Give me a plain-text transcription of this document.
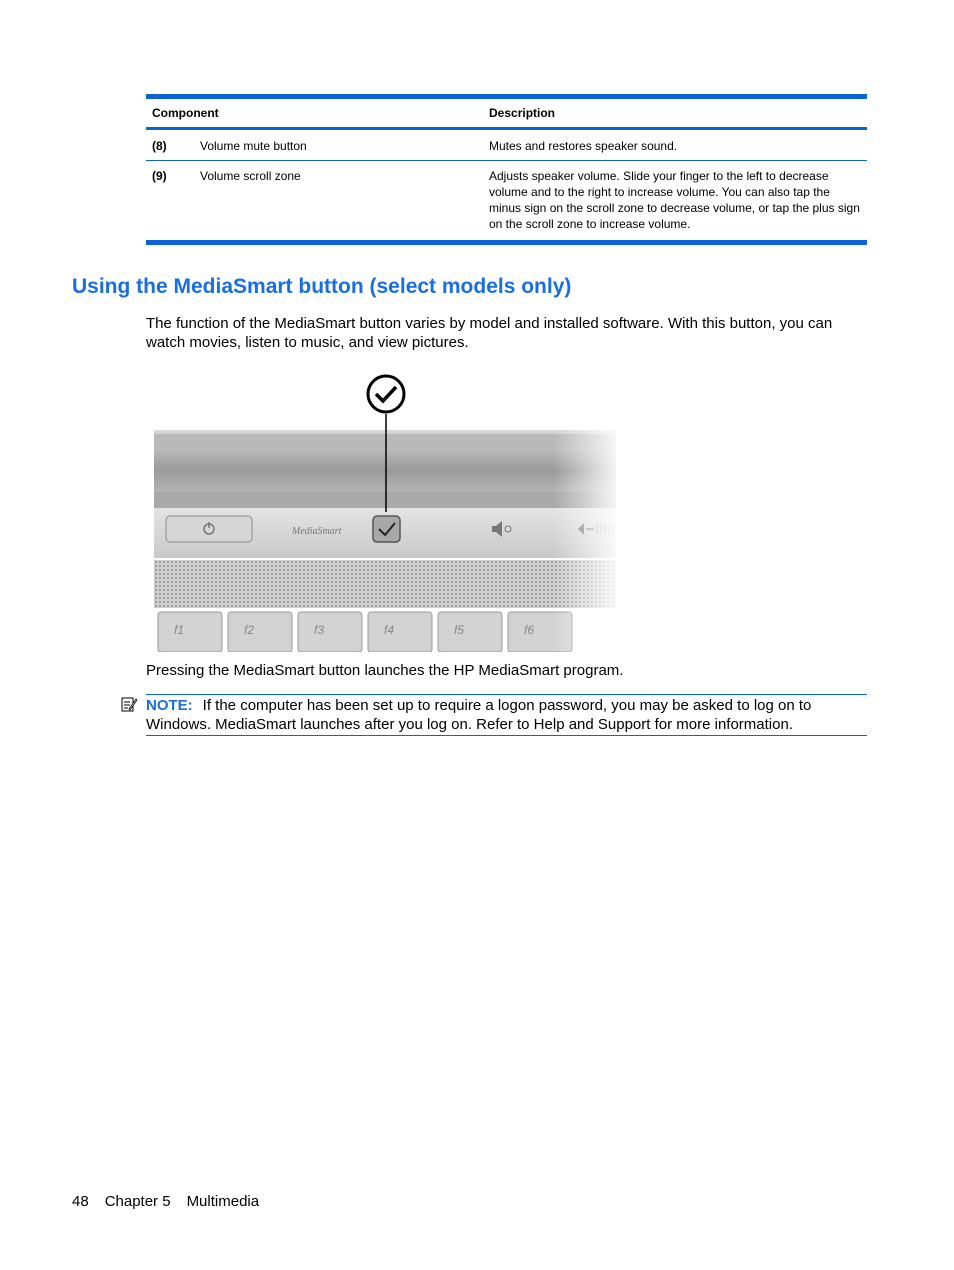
Component	Description
(8)	Volume mute button	Mutes and restores speaker sound.
(9)	Volume scroll zone	Adjusts speaker volume. Slide your finger to the left to decrease volume and to the right to increase volume. You can also tap the minus sign on the scroll zone to decrease volume, or tap the plus sign on the scroll zone to increase volume.
Using the MediaSmart button (select models only)

The function of the MediaSmart button varies by model and installed software. With this button, you can watch movies, listen to music, and view pictures.

Pressing the MediaSmart button launches the HP MediaSmart program.

NOTE: If the computer has been set up to require a logon password, you may be asked to log on to Windows. MediaSmart launches after you log on. Refer to Help and Support for more information.
48 Chapter 5 Multimedia
